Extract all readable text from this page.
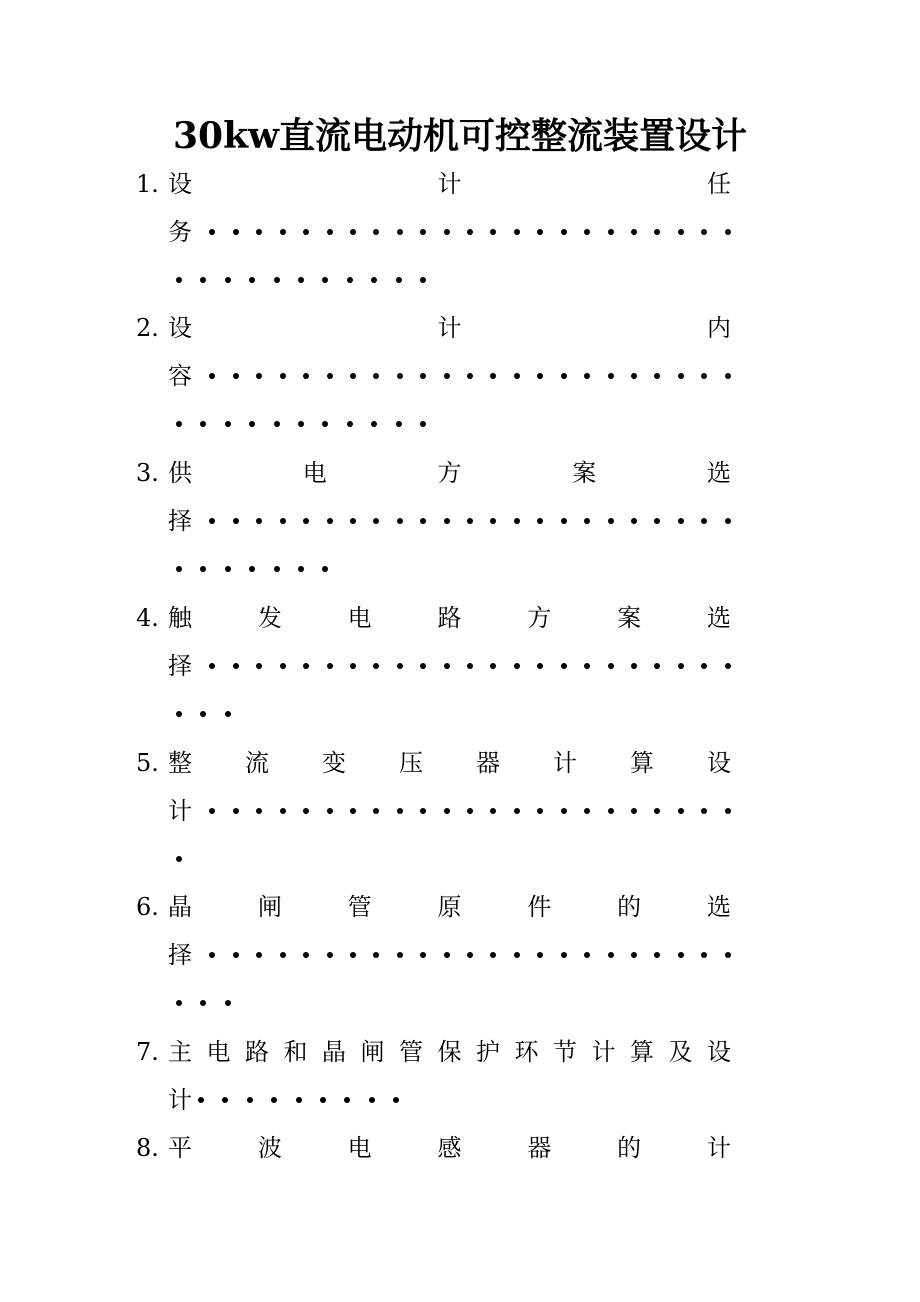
30kw直流电动机可控整流装置设计
1. 设	计	任
务
2. 设	计	内
容
3. 供	电	方	案	选
择
4. 触	发	电	路	方	案	选
择
5. 整 流 变 压 器 计 算 设
计
6. 晶	闸	管	原	件	的	选
择
7. 主 电 路 和 晶 闸 管 保 护 环 节 计 算 及 设
计
8. 平	波	电	感	器	的	计
